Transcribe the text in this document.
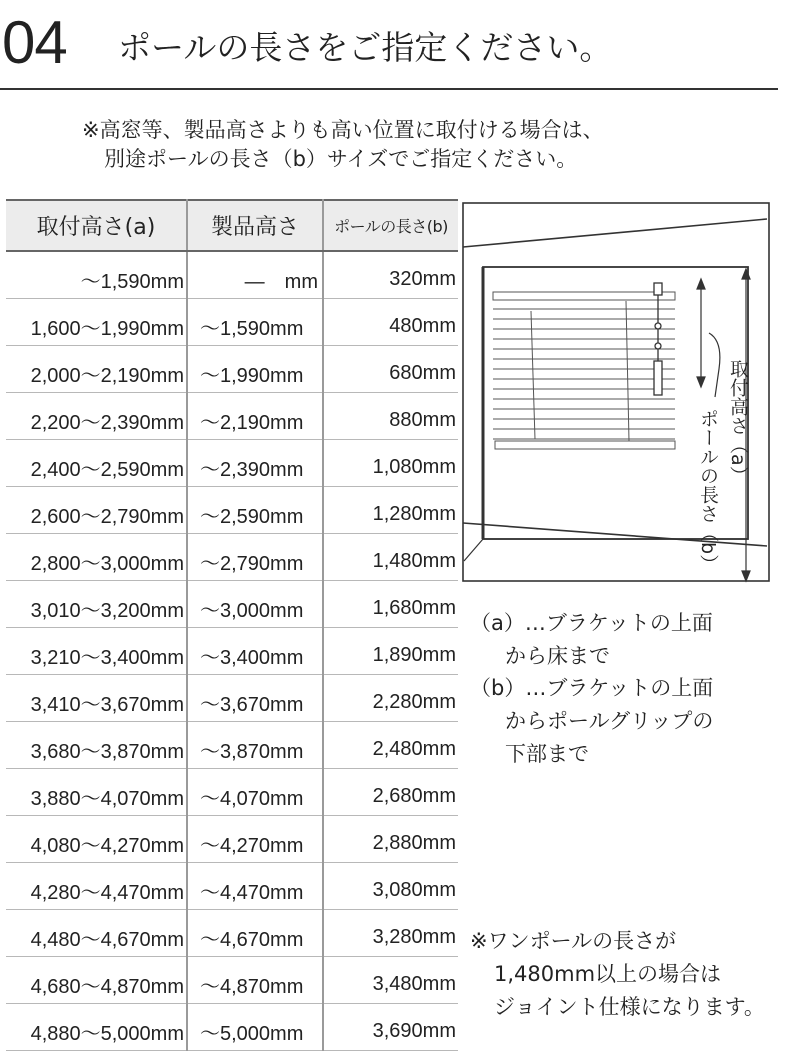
04 ポールの長さをご指定ください。
※高窓等、製品高さよりも高い位置に取付ける場合は、
別途ポールの長さ（b）サイズでご指定ください。
取付高さ(a)	製品高さ	ポールの長さ(b)
〜1,590mm	—　mm	320mm
1,600〜1,990mm	〜1,590mm	480mm
2,000〜2,190mm	〜1,990mm	680mm
2,200〜2,390mm	〜2,190mm	880mm
2,400〜2,590mm	〜2,390mm	1,080mm
2,600〜2,790mm	〜2,590mm	1,280mm
2,800〜3,000mm	〜2,790mm	1,480mm
3,010〜3,200mm	〜3,000mm	1,680mm
3,210〜3,400mm	〜3,400mm	1,890mm
3,410〜3,670mm	〜3,670mm	2,280mm
3,680〜3,870mm	〜3,870mm	2,480mm
3,880〜4,070mm	〜4,070mm	2,680mm
4,080〜4,270mm	〜4,270mm	2,880mm
4,280〜4,470mm	〜4,470mm	3,080mm
4,480〜4,670mm	〜4,670mm	3,280mm
4,680〜4,870mm	〜4,870mm	3,480mm
4,880〜5,000mm	〜5,000mm	3,690mm
取付高さ（a）
ポールの長さ（b）
（a）…ブラケットの上面
から床まで
（b）…ブラケットの上面
からポールグリップの
下部まで
※ワンポールの長さが
1,480mm以上の場合は
ジョイント仕様になります。
